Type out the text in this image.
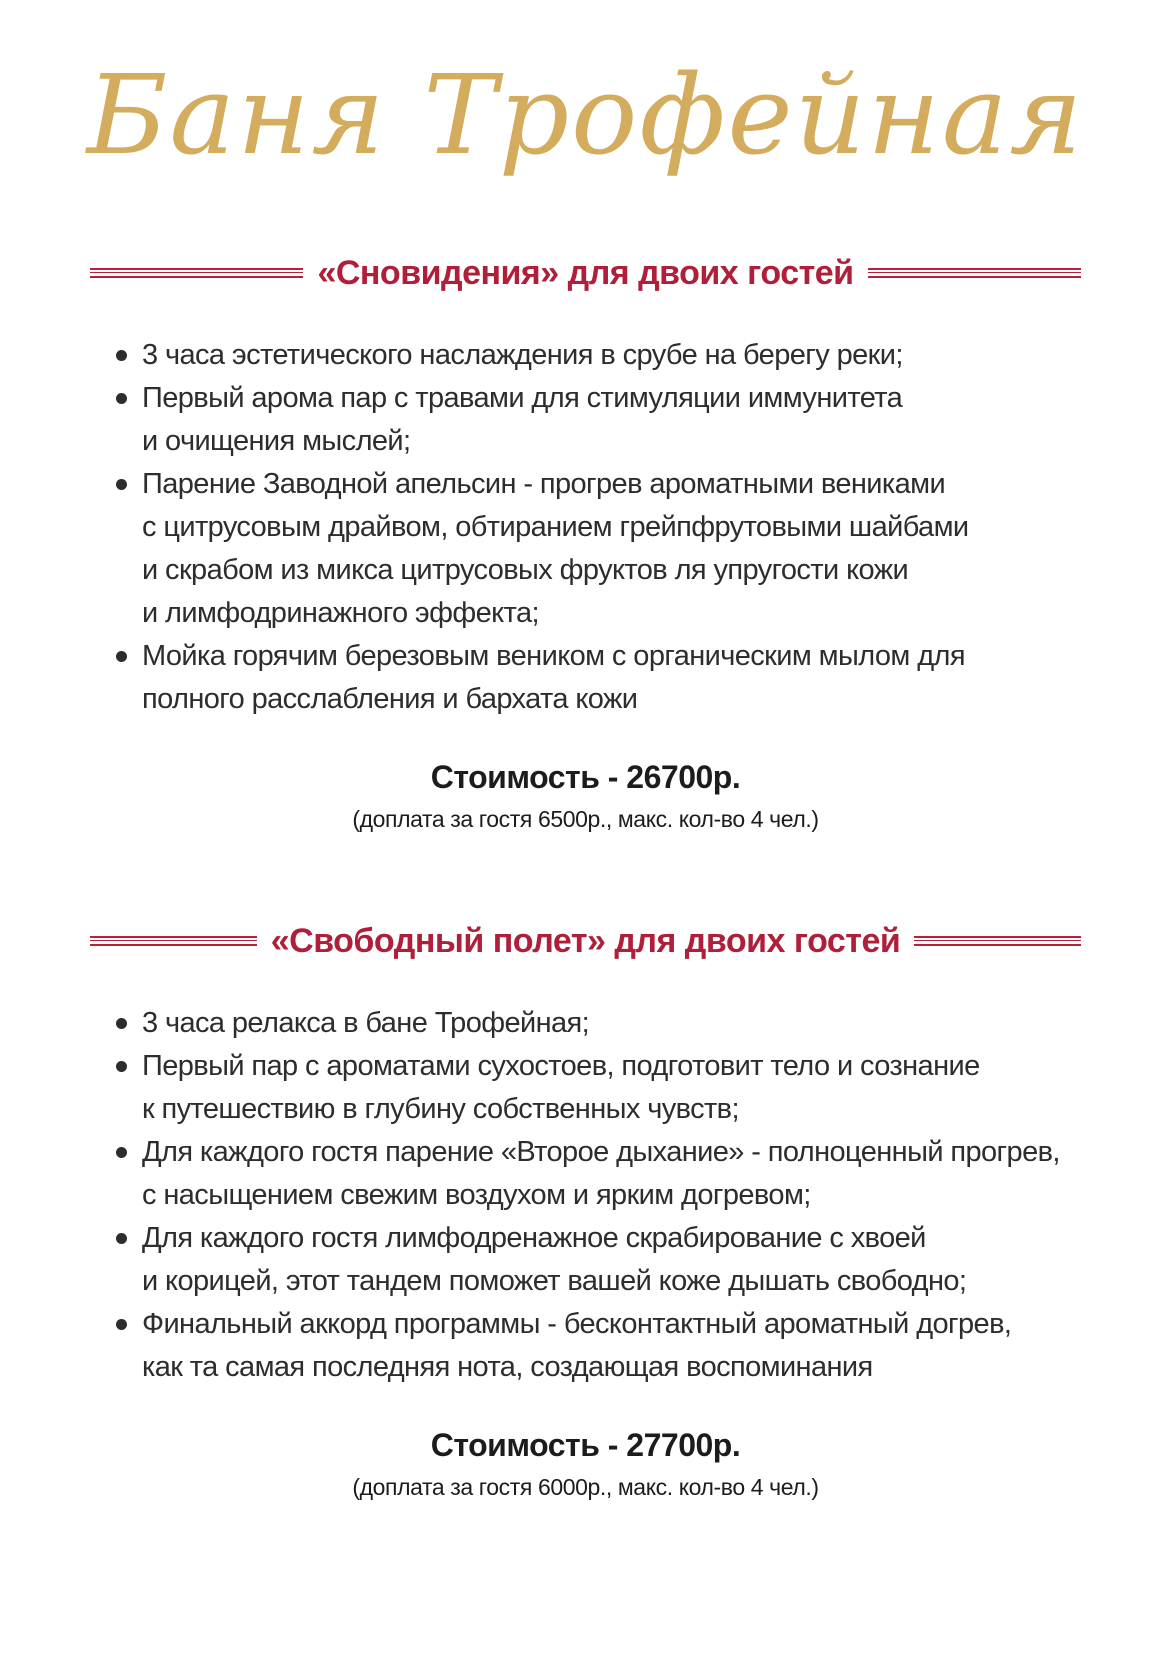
Баня Трофейная
«Сновидения» для двоих гостей
3 часа эстетического наслаждения в срубе на берегу реки;
Первый арома пар с травами для стимуляции иммунитета
и очищения мыслей;
Парение Заводной апельсин - прогрев ароматными вениками
с цитрусовым драйвом, обтиранием грейпфрутовыми шайбами
и скрабом из микса цитрусовых фруктов ля упругости кожи
и лимфодринажного эффекта;
Мойка горячим березовым веником с органическим мылом для
полного расслабления и бархата кожи
Стоимость - 26700р.
(доплата за гостя 6500р., макс. кол-во 4 чел.)
«Свободный полет» для двоих гостей
3 часа релакса в бане Трофейная;
Первый пар с ароматами сухостоев, подготовит тело и сознание
к путешествию в глубину собственных чувств;
Для каждого гостя парение «Второе дыхание» - полноценный прогрев,
с насыщением свежим воздухом и ярким догревом;
Для каждого гостя лимфодренажное скрабирование с хвоей
и корицей, этот тандем поможет вашей коже дышать свободно;
Финальный аккорд программы - бесконтактный ароматный догрев,
как та самая последняя нота, создающая воспоминания
Стоимость - 27700р.
(доплата за гостя 6000р., макс. кол-во 4 чел.)
